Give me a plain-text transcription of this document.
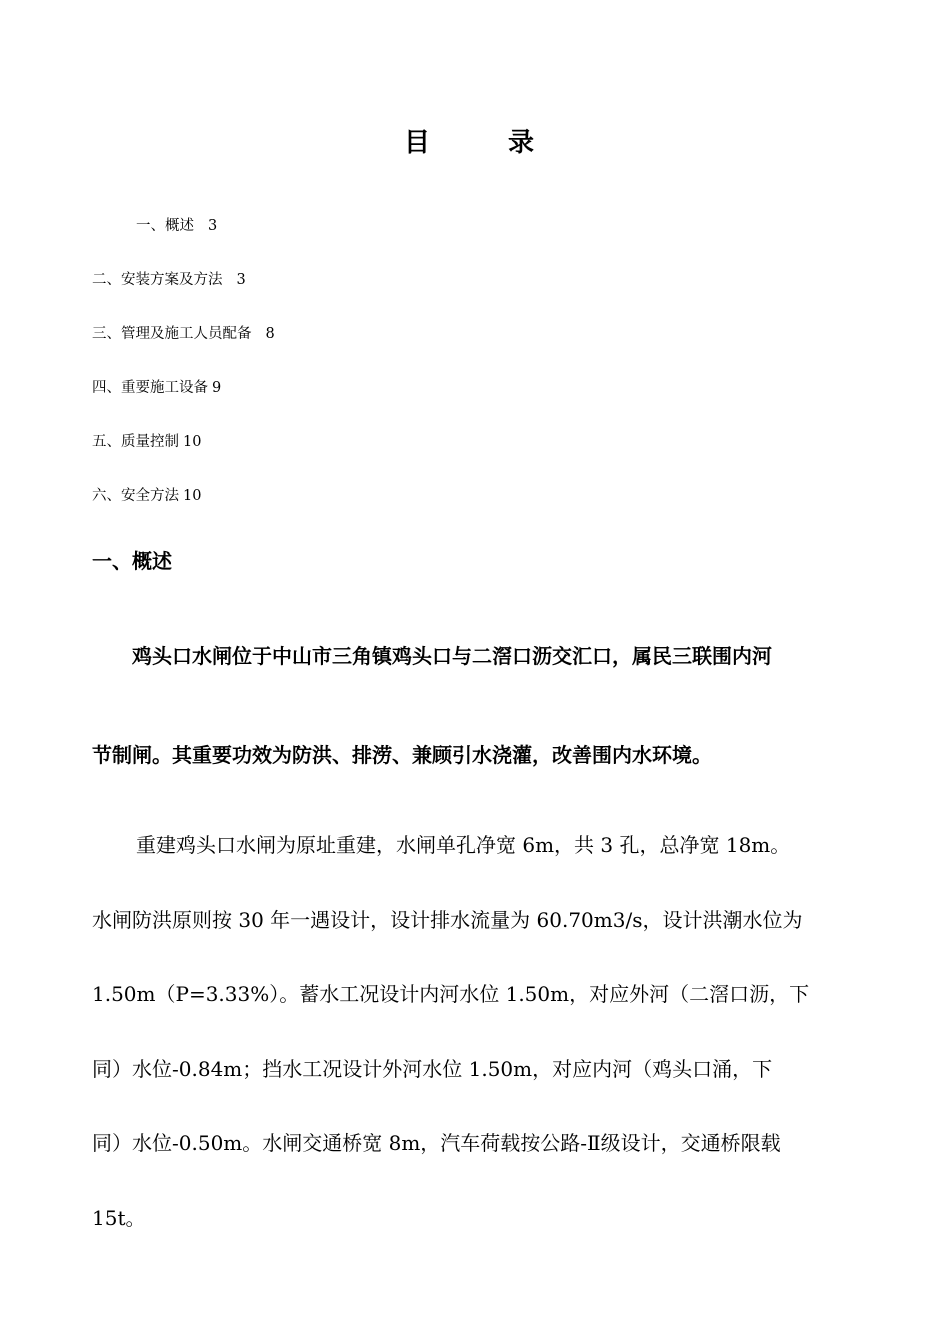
目　录
一、概述 3
二、安装方案及方法 3
三、管理及施工人员配备 8
四、重要施工设备 9
五、质量控制 10
六、安全方法 10
一、概述
鸡头口水闸位于中山市三角镇鸡头口与二滘口沥交汇口，属民三联围内河
节制闸。其重要功效为防洪、排涝、兼顾引水浇灌，改善围内水环境。
重建鸡头口水闸为原址重建，水闸单孔净宽 6m，共 3 孔，总净宽 18m。
水闸防洪原则按 30 年一遇设计，设计排水流量为 60.70m3/s，设计洪潮水位为
1.50m（P=3.33%）。蓄水工况设计内河水位 1.50m，对应外河（二滘口沥，下
同）水位-0.84m；挡水工况设计外河水位 1.50m，对应内河（鸡头口涌，下
同）水位-0.50m。水闸交通桥宽 8m，汽车荷载按公路-Ⅱ级设计，交通桥限载
15t。
